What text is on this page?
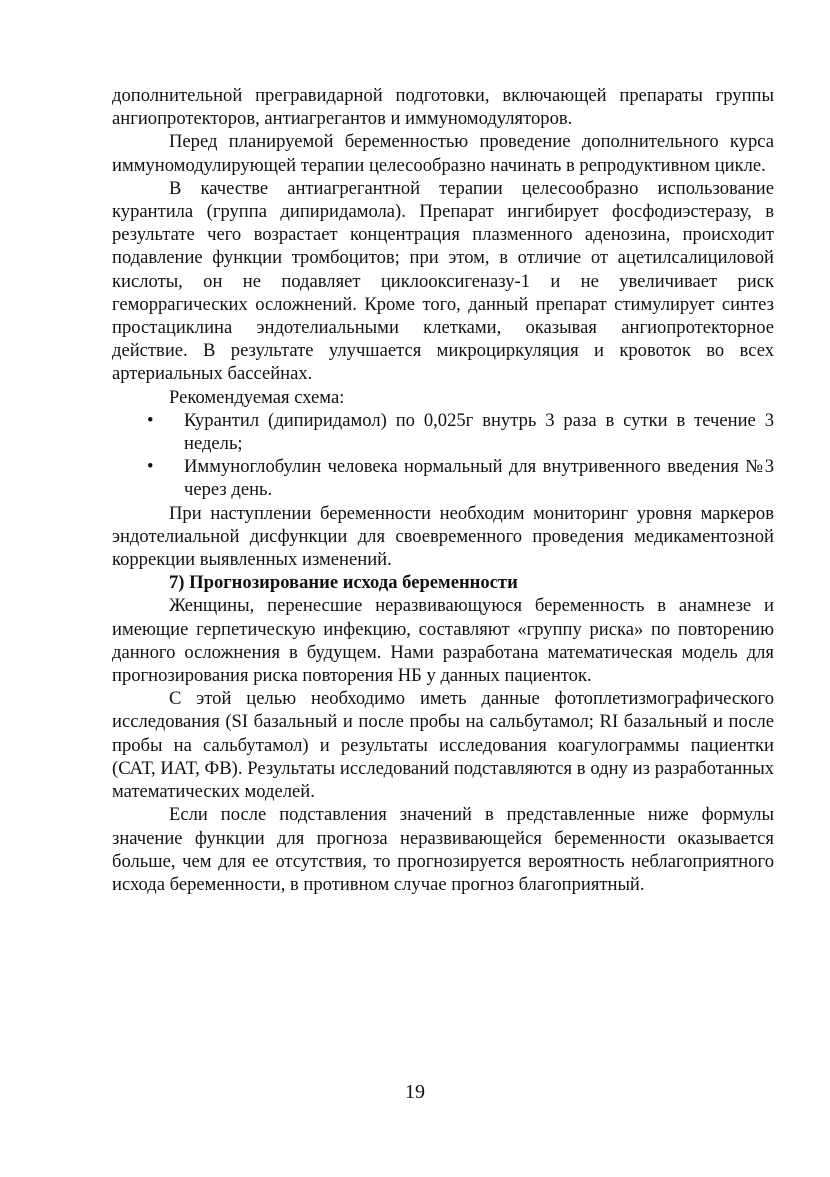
дополнительной прегравидарной подготовки, включающей препараты группы ангиопротекторов, антиагрегантов и иммуномодуляторов.

Перед планируемой беременностью проведение дополнительного курса иммуномодулирующей терапии целесообразно начинать в репродуктивном цикле.

В качестве антиагрегантной терапии целесообразно использование курантила (группа дипиридамола). Препарат ингибирует фосфодиэстеразу, в результате чего возрастает концентрация плазменного аденозина, происходит подавление функции тромбоцитов; при этом, в отличие от ацетилсалициловой кислоты, он не подавляет циклооксигеназу-1 и не увеличивает риск геморрагических осложнений. Кроме того, данный препарат стимулирует синтез простациклина эндотелиальными клетками, оказывая ангиопротекторное действие. В результате улучшается микроциркуляция и кровоток во всех артериальных бассейнах.

Рекомендуемая схема:

• Курантил (дипиридамол) по 0,025г внутрь 3 раза в сутки в течение 3 недель;
• Иммуноглобулин человека нормальный для внутривенного введения №3 через день.

При наступлении беременности необходим мониторинг уровня маркеров эндотелиальной дисфункции для своевременного проведения медикаментозной коррекции выявленных изменений.

7) Прогнозирование исхода беременности

Женщины, перенесшие неразвивающуюся беременность в анамнезе и имеющие герпетическую инфекцию, составляют «группу риска» по повторению данного осложнения в будущем. Нами разработана математическая модель для прогнозирования риска повторения НБ у данных пациенток.

С этой целью необходимо иметь данные фотоплетизмографического исследования (SI базальный и после пробы на сальбутамол; RI базальный и после пробы на сальбутамол) и результаты исследования коагулограммы пациентки (САТ, ИАТ, ФВ). Результаты исследований подставляются в одну из разработанных математических моделей.

Если после подставления значений в представленные ниже формулы значение функции для прогноза неразвивающейся беременности оказывается больше, чем для ее отсутствия, то прогнозируется вероятность неблагоприятного исхода беременности, в противном случае прогноз благоприятный.

19
